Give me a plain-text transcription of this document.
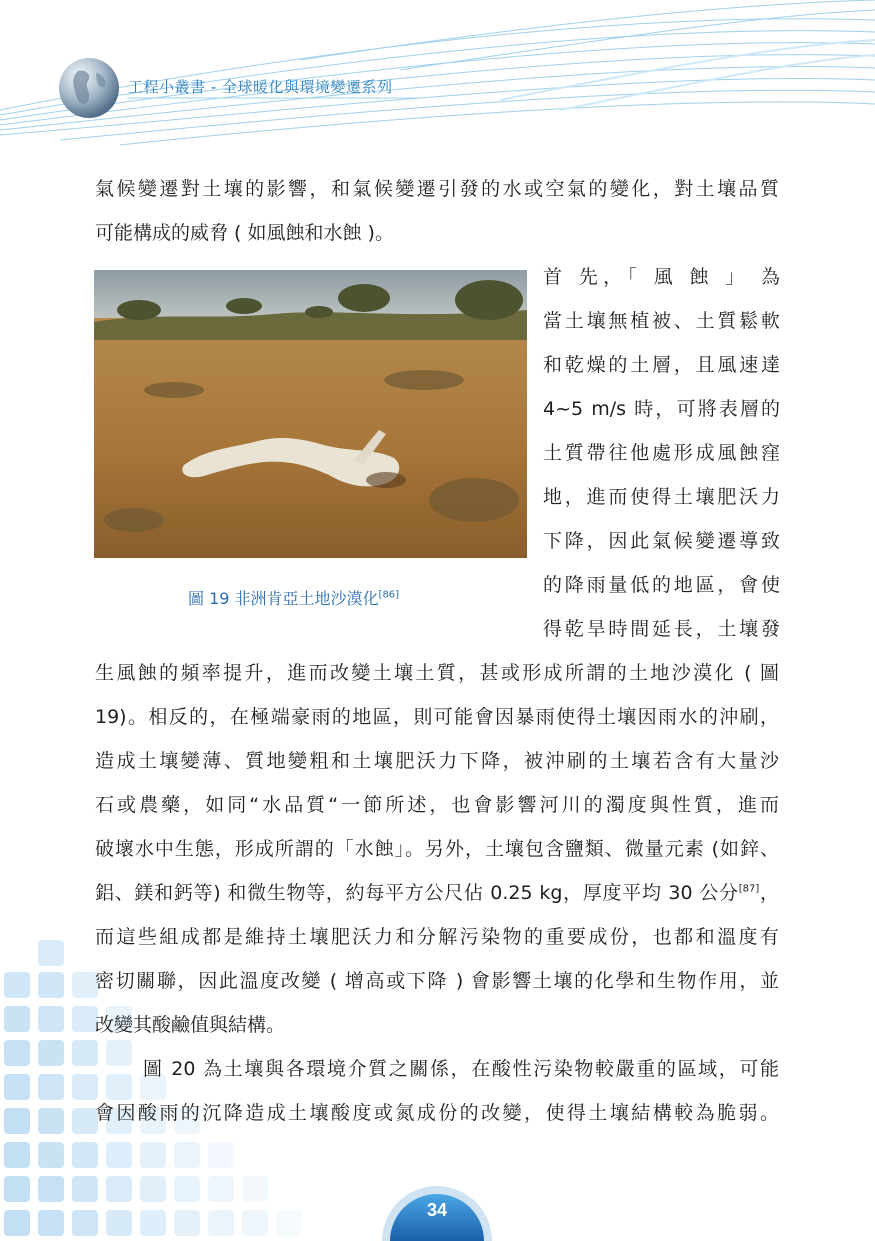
工程小叢書 - 全球暖化與環境變遷系列
氣候變遷對土壤的影響，和氣候變遷引發的水或空氣的變化，對土壤品質
可能構成的威脅 ( 如風蝕和水蝕 )。
首 先，「 風 蝕 」 為
當土壤無植被、土質鬆軟
和乾燥的土層，且風速達
4~5 m/s 時，可將表層的
土質帶往他處形成風蝕窪
地，進而使得土壤肥沃力
下降，因此氣候變遷導致
的降雨量低的地區，會使
得乾旱時間延長，土壤發
圖 19 非洲肯亞土地沙漠化[86]
生風蝕的頻率提升，進而改變土壤土質，甚或形成所謂的土地沙漠化 ( 圖
19)。相反的，在極端豪雨的地區，則可能會因暴雨使得土壤因雨水的沖刷，
造成土壤變薄、質地變粗和土壤肥沃力下降，被沖刷的土壤若含有大量沙
石或農藥，如同“水品質“一節所述，也會影響河川的濁度與性質，進而
破壞水中生態，形成所謂的「水蝕」。另外，土壤包含鹽類、微量元素 (如鋅、
鋁、鎂和鈣等) 和微生物等，約每平方公尺佔 0.25 kg，厚度平均 30 公分[87]，
而這些組成都是維持土壤肥沃力和分解污染物的重要成份，也都和溫度有
密切關聯，因此溫度改變 ( 增高或下降 ) 會影響土壤的化學和生物作用，並
改變其酸鹼值與結構。
圖 20 為土壤與各環境介質之關係，在酸性污染物較嚴重的區域，可能
會因酸雨的沉降造成土壤酸度或氮成份的改變，使得土壤結構較為脆弱。
34
